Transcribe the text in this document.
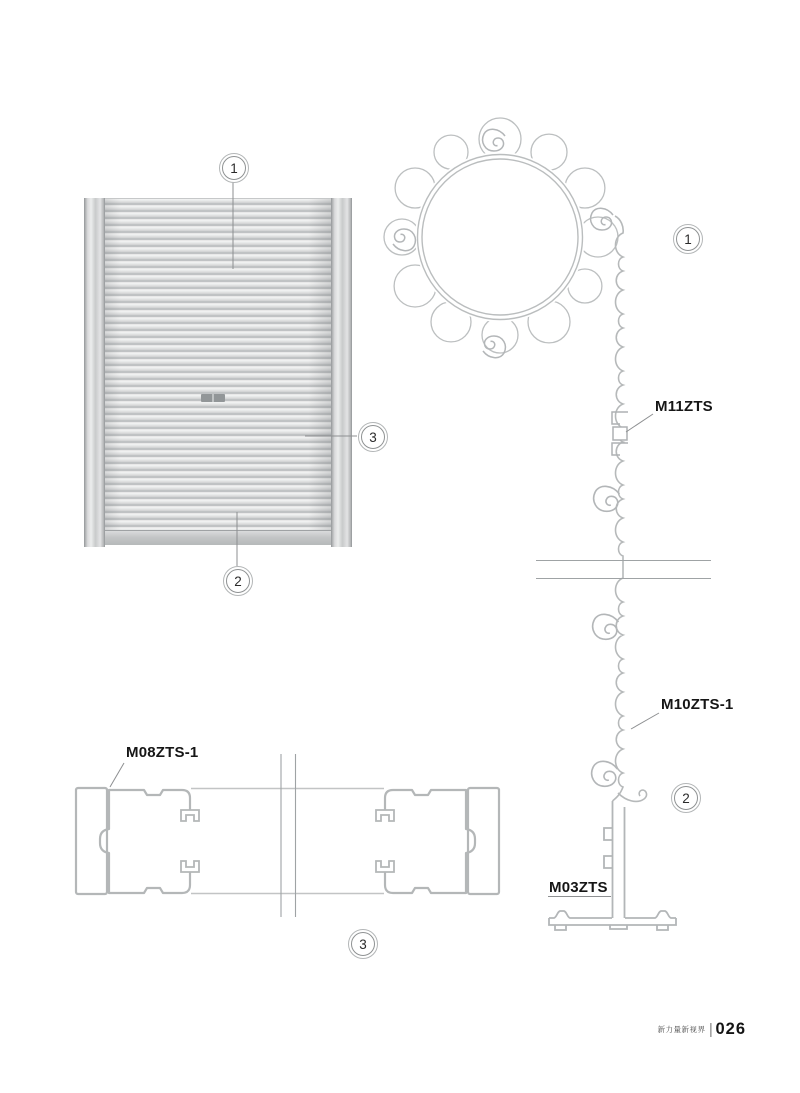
1
2
3
1
2
3
M11ZTS
M10ZTS-1
M03ZTS
M08ZTS-1
新力量新视界 | 026
